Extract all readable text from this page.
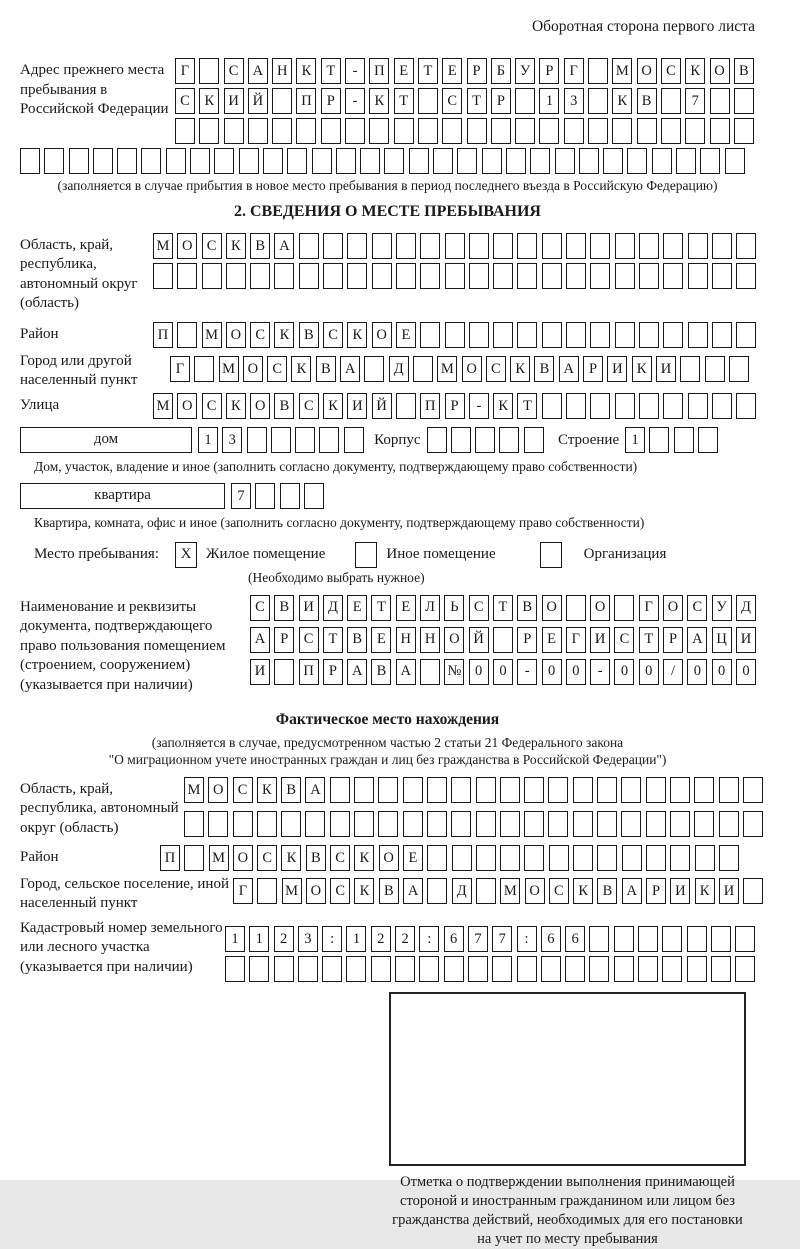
Оборотная сторона первого листа
Адрес прежнего места пребывания в Российской Федерации
Г	С А Н К	Т	-	П	Е	Т	Е	Р	Б	У	Р	Г	М О С	К О В
С	К И Й	П	Р	-	К	Т	С	Т	Р	1	3	К	В	7
(заполняется в случае прибытия в новое место пребывания в период последнего въезда в Российскую Федерацию)
2. СВЕДЕНИЯ О МЕСТЕ ПРЕБЫВАНИЯ
Область, край, республика, автономный округ (область)
М О С	К	В А
Район	П	М О С	К	В	С	К О	Е
Город или другой населенный пункт
Г	М О С	К	В А	Д	М О С	К	В А	Р	И К И
Улица	М О С	К О В	С	К И Й	П	Р	-	К	Т
дом	1	3	Корпус	Строение 1
Дом, участок, владение и иное (заполнить согласно документу, подтверждающему право собственности)
квартира	7
Квартира, комната, офис и иное (заполнить согласно документу, подтверждающему право собственности)
Место пребывания:	X Жилое помещение	Иное помещение	Организация
(Необходимо выбрать нужное)
Наименование и реквизиты документа, подтверждающего право пользования помещением (строением, сооружением) (указывается при наличии)
С	В И Д	Е	Т	Е	Л	Ь	С	Т	В О	О	Г	О С У Д
А	Р	С	Т	В	Е	Н Н О Й	Р	Е	Г	И С	Т	Р	А Ц И
И	П	Р	А В А	№ 0	0	-	0	0	-	0	0	/	0	0	0
Фактическое место нахождения
(заполняется в случае, предусмотренном частью 2 статьи 21 Федерального закона
"О миграционном учете иностранных граждан и лиц без гражданства в Российской Федерации")
Область, край, республика, автономный округ (область)
М О С	К	В А
Район	П	М О С	К	В	С	К О	Е
Город, сельское поселение, иной населенный пункт
Г	М О С	К	В А	Д	М О С	К	В А	Р	И К И
Кадастровый номер земельного или лесного участка (указывается при наличии)
1	1	2	3	:	1	2	2	:	6	7	7	:	6	6
Отметка о подтверждении выполнения принимающей
стороной и иностранным гражданином или лицом без
гражданства действий, необходимых для его постановки
на учет по месту пребывания
